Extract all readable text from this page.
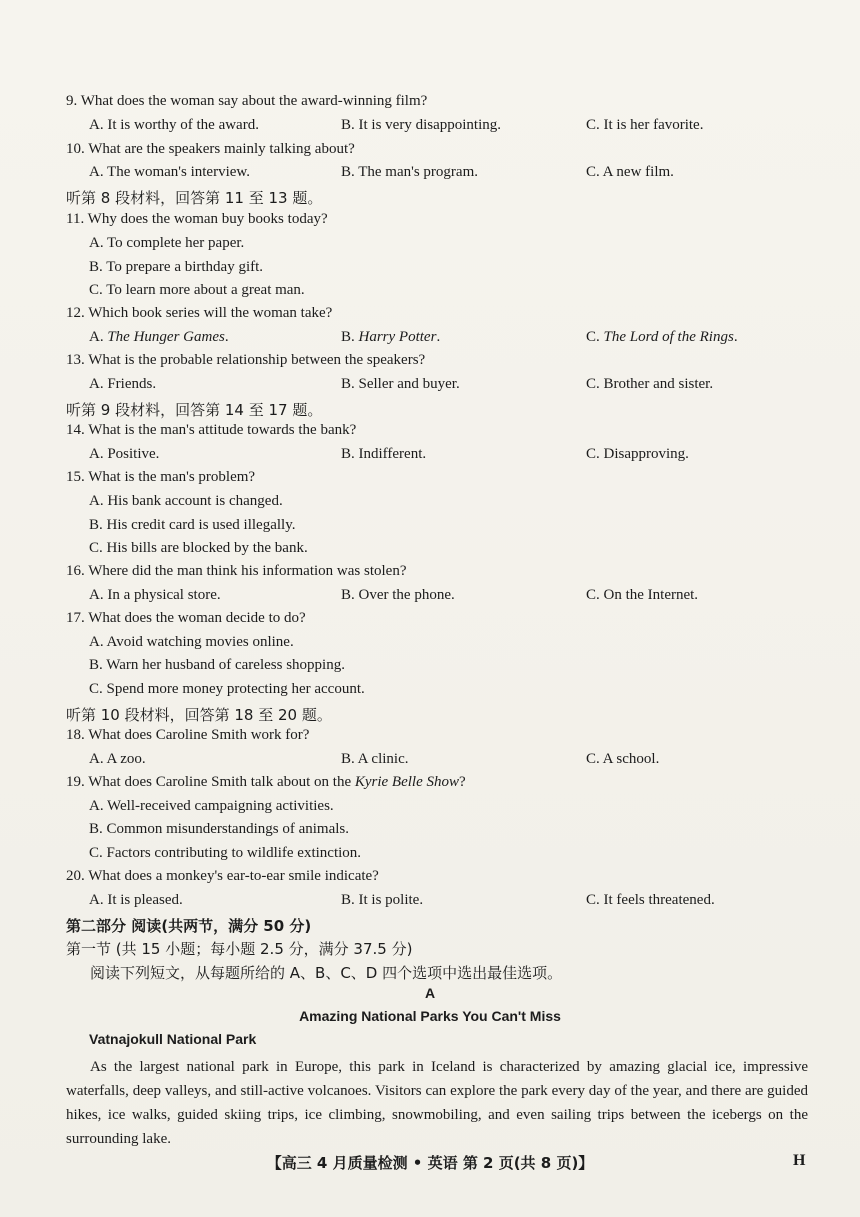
9. What does the woman say about the award-winning film?
A. It is worthy of the award.	B. It is very disappointing.	C. It is her favorite.
10. What are the speakers mainly talking about?
A. The woman's interview.	B. The man's program.	C. A new film.
听第 8 段材料，回答第 11 至 13 题。
11. Why does the woman buy books today?
A. To complete her paper.
B. To prepare a birthday gift.
C. To learn more about a great man.
12. Which book series will the woman take?
A. The Hunger Games.	B. Harry Potter.	C. The Lord of the Rings.
13. What is the probable relationship between the speakers?
A. Friends.	B. Seller and buyer.	C. Brother and sister.
听第 9 段材料，回答第 14 至 17 题。
14. What is the man's attitude towards the bank?
A. Positive.	B. Indifferent.	C. Disapproving.
15. What is the man's problem?
A. His bank account is changed.
B. His credit card is used illegally.
C. His bills are blocked by the bank.
16. Where did the man think his information was stolen?
A. In a physical store.	B. Over the phone.	C. On the Internet.
17. What does the woman decide to do?
A. Avoid watching movies online.
B. Warn her husband of careless shopping.
C. Spend more money protecting her account.
听第 10 段材料，回答第 18 至 20 题。
18. What does Caroline Smith work for?
A. A zoo.	B. A clinic.	C. A school.
19. What does Caroline Smith talk about on the Kyrie Belle Show?
A. Well-received campaigning activities.
B. Common misunderstandings of animals.
C. Factors contributing to wildlife extinction.
20. What does a monkey's ear-to-ear smile indicate?
A. It is pleased.	B. It is polite.	C. It feels threatened.
第二部分 阅读(共两节，满分 50 分)
第一节 (共 15 小题；每小题 2.5 分，满分 37.5 分)
阅读下列短文，从每题所给的 A、B、C、D 四个选项中选出最佳选项。
A
Amazing National Parks You Can't Miss
Vatnajokull National Park

As the largest national park in Europe, this park in Iceland is characterized by amazing glacial ice, impressive waterfalls, deep valleys, and still-active volcanoes. Visitors can explore the park every day of the year, and there are guided hikes, ice walks, guided skiing trips, ice climbing, snowmobiling, and even sailing trips between the icebergs on the surrounding lake.

【高三 4 月质量检测 • 英语 第 2 页(共 8 页)】	H
